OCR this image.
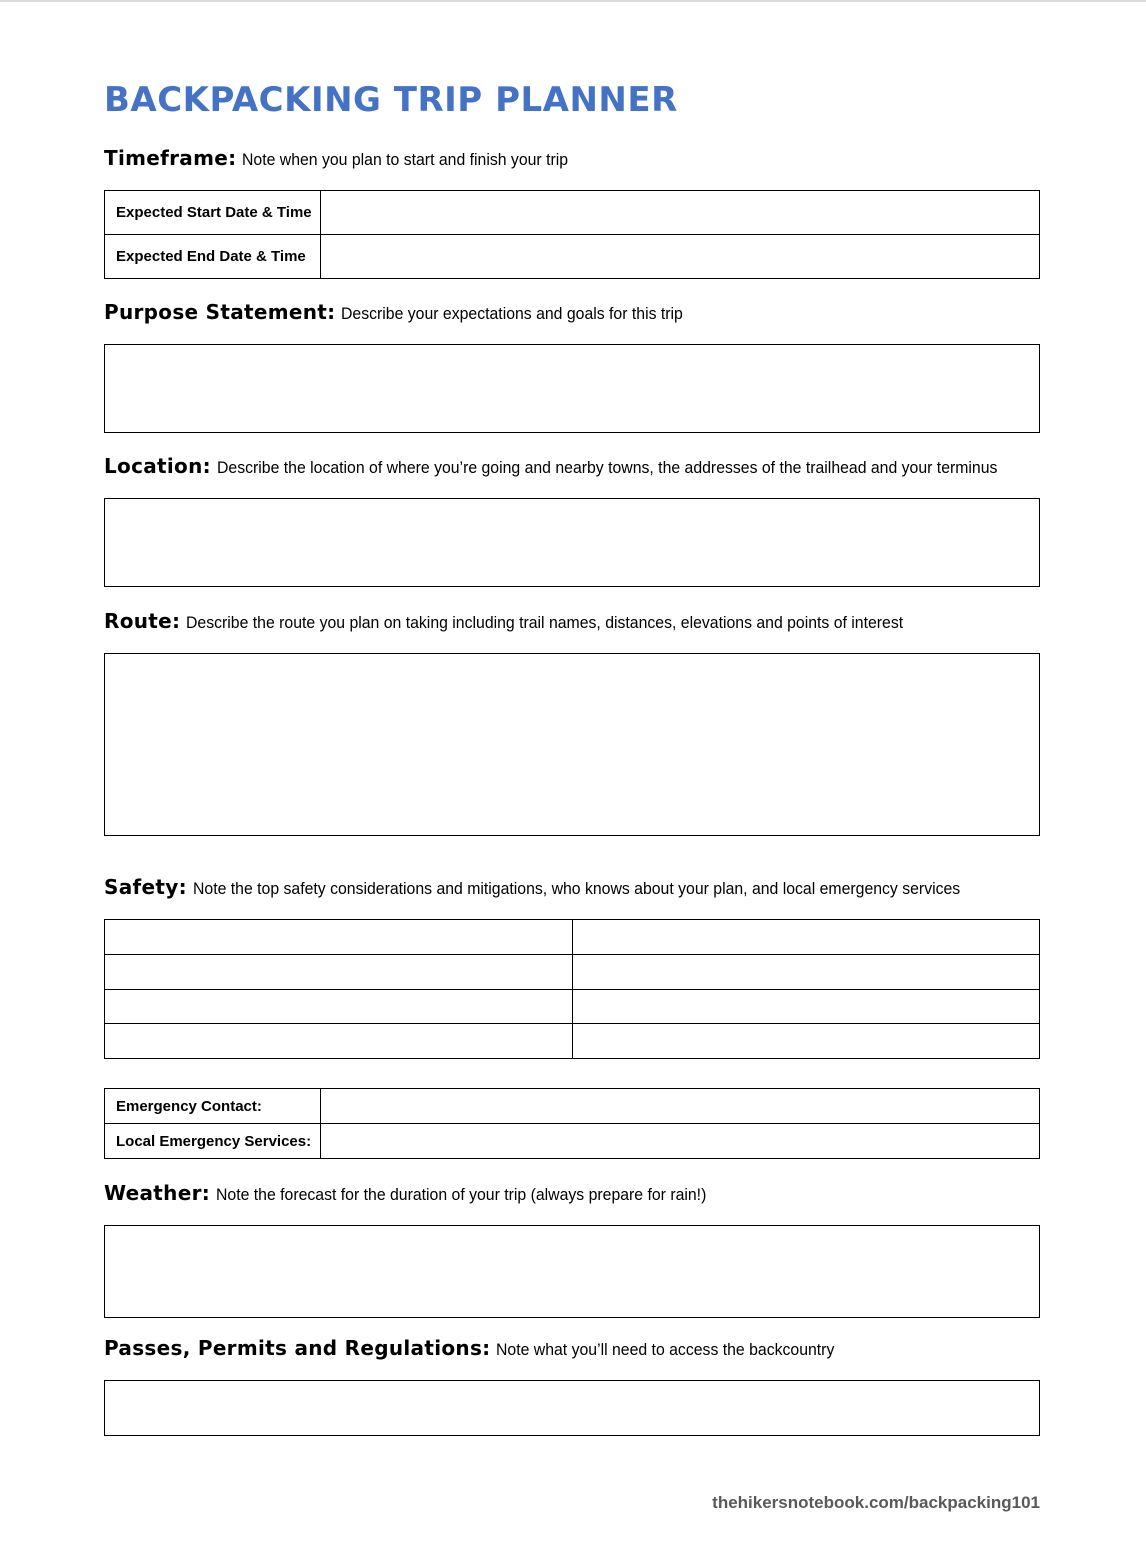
BACKPACKING TRIP PLANNER
Timeframe: Note when you plan to start and finish your trip
Expected Start Date & Time	
Expected End Date & Time	
Purpose Statement: Describe your expectations and goals for this trip
Location: Describe the location of where you’re going and nearby towns, the addresses of the trailhead and your terminus
Route: Describe the route you plan on taking including trail names, distances, elevations and points of interest
Safety: Note the top safety considerations and mitigations, who knows about your plan, and local emergency services

Emergency Contact:	
Local Emergency Services:	
Weather: Note the forecast for the duration of your trip (always prepare for rain!)
Passes, Permits and Regulations: Note what you’ll need to access the backcountry
thehikersnotebook.com/backpacking101
